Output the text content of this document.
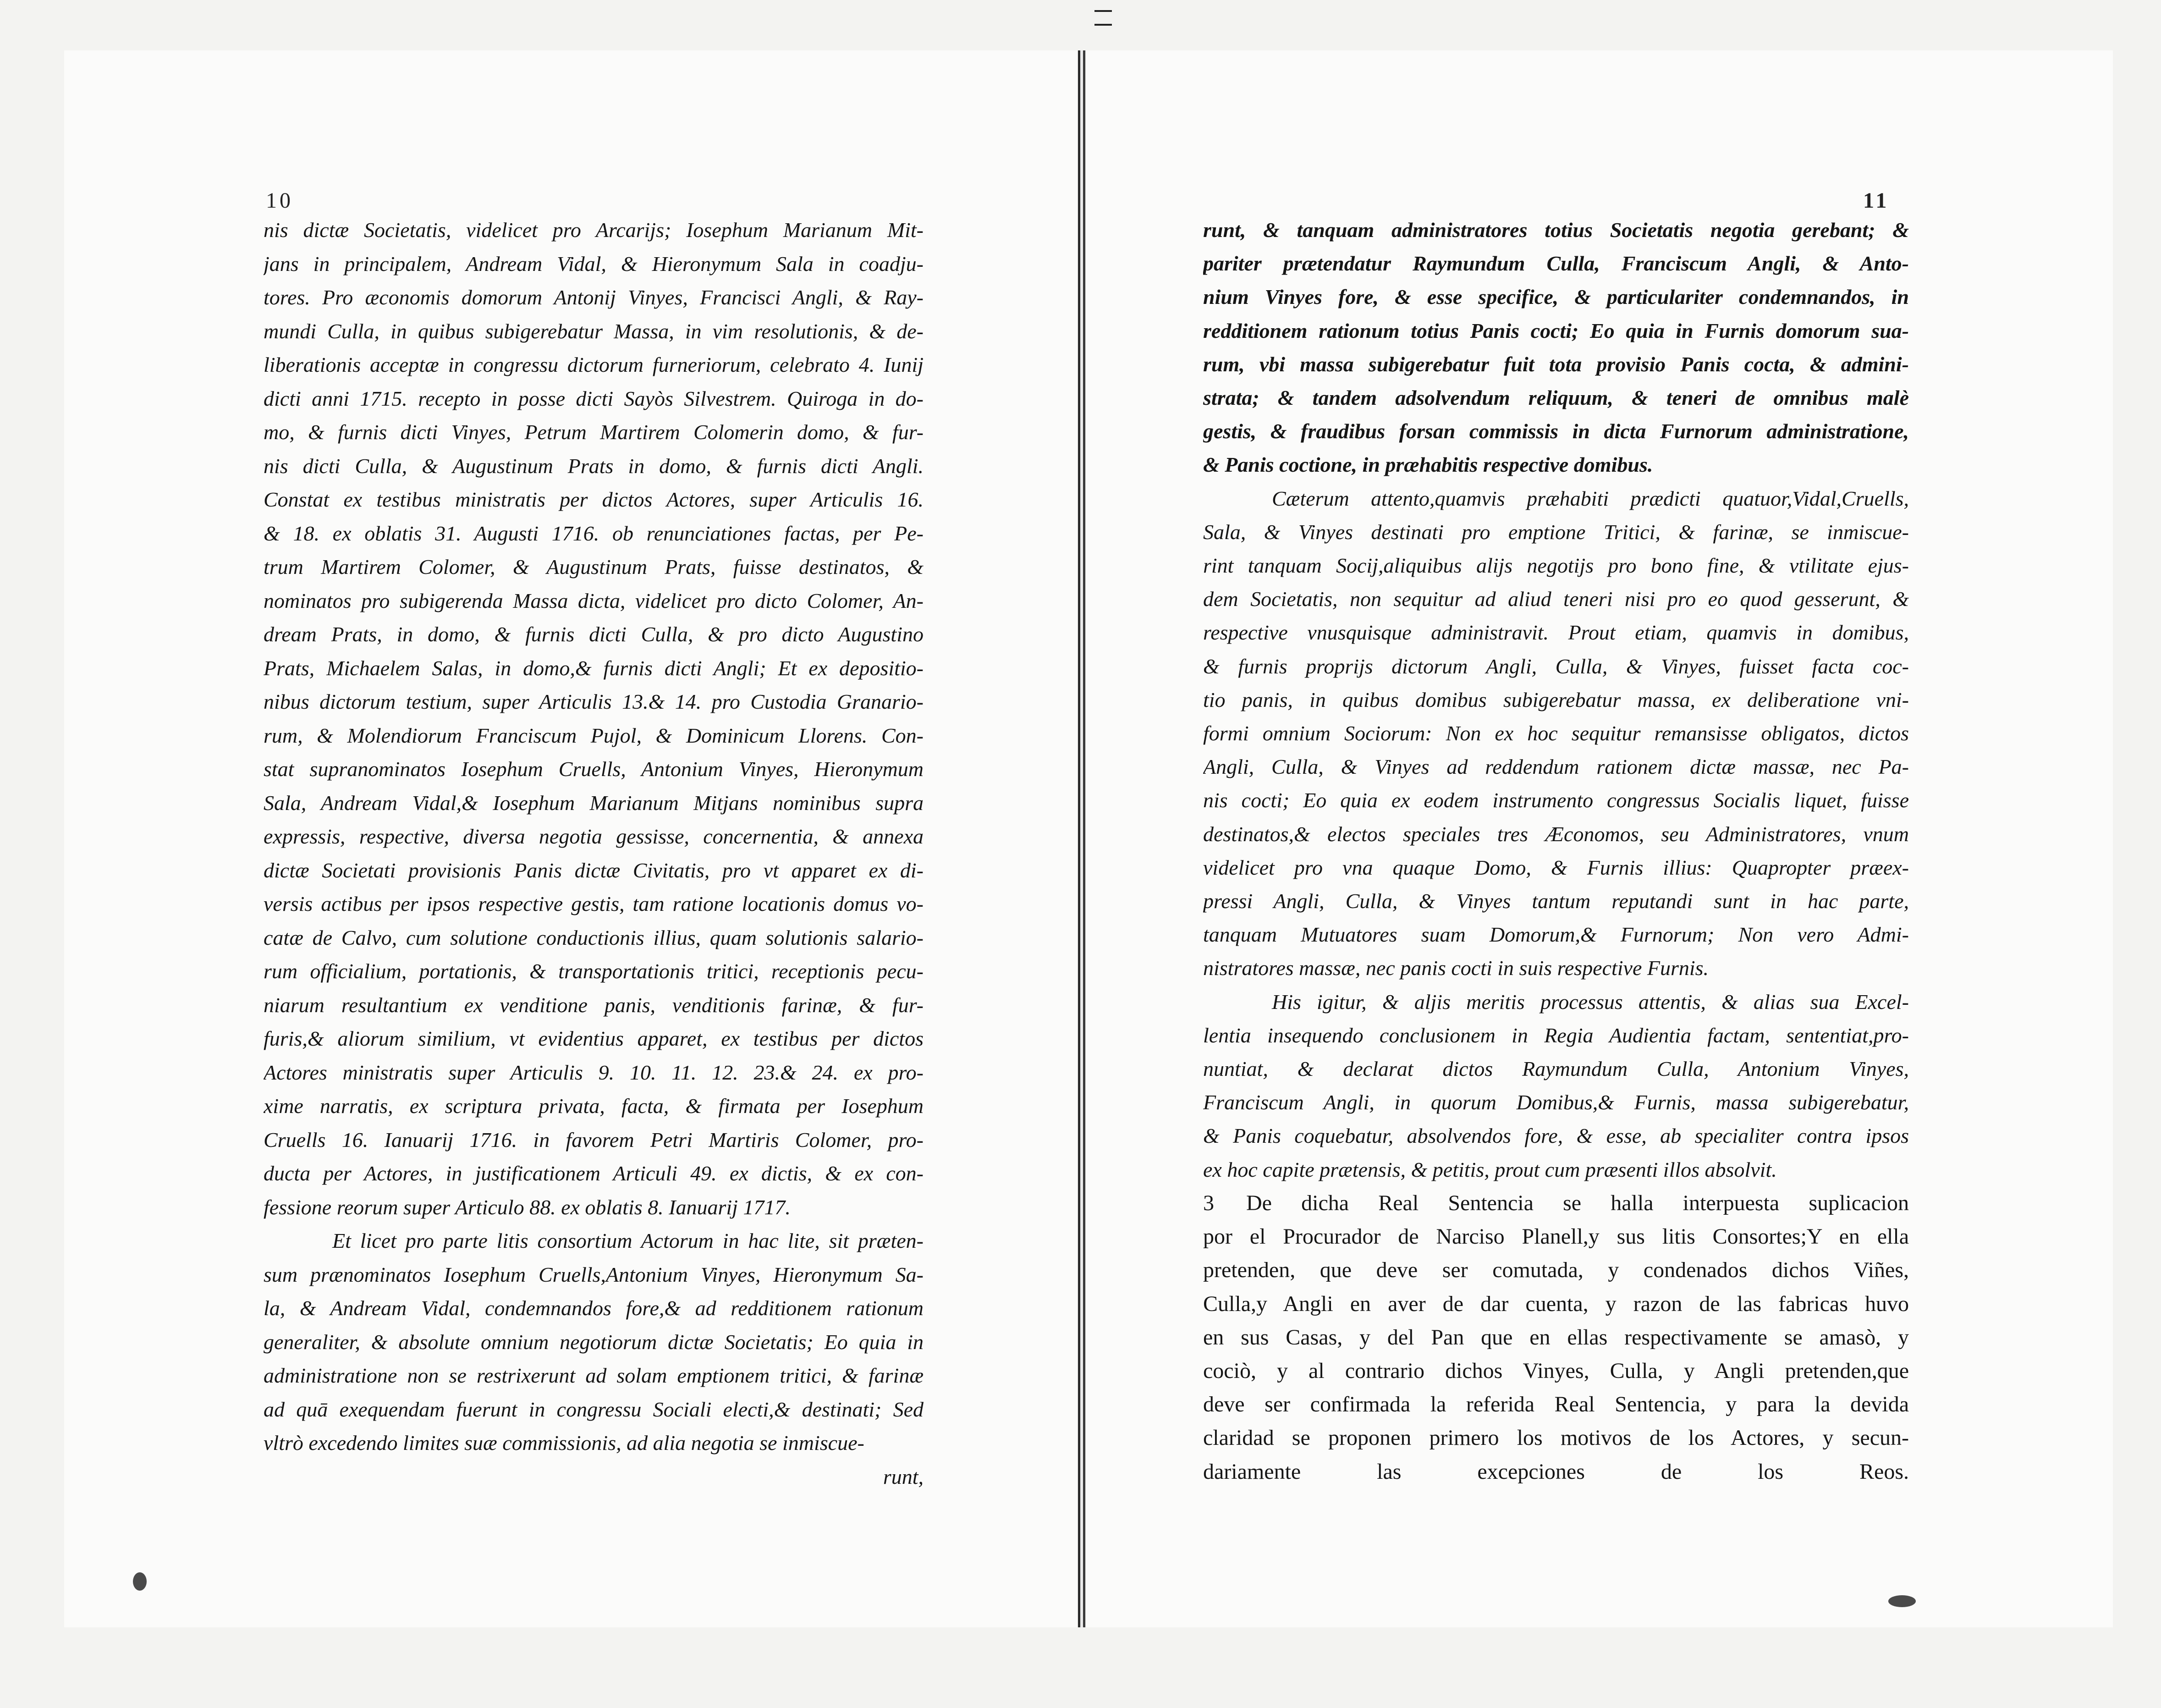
10	11
nis dictæ Societatis, videlicet pro Arcarijs; Iosephum Marianum Mit-
jans in principalem, Andream Vidal, & Hieronymum Sala in coadju-
tores. Pro æconomis domorum Antonij Vinyes, Francisci Angli, & Ray-
mundi Culla, in quibus subigerebatur Massa, in vim resolutionis, & de-
liberationis acceptæ in congressu dictorum furneriorum, celebrato 4. Iunij
dicti anni 1715. recepto in posse dicti Sayòs Silvestrem. Quiroga in do-
mo, & furnis dicti Vinyes, Petrum Martirem Colomerin domo, & fur-
nis dicti Culla, & Augustinum Prats in domo, & furnis dicti Angli.
Constat ex testibus ministratis per dictos Actores, super Articulis 16.
& 18. ex oblatis 31. Augusti 1716. ob renunciationes factas, per Pe-
trum Martirem Colomer, & Augustinum Prats, fuisse destinatos, &
nominatos pro subigerenda Massa dicta, videlicet pro dicto Colomer, An-
dream Prats, in domo, & furnis dicti Culla, & pro dicto Augustino
Prats, Michaelem Salas, in domo,& furnis dicti Angli; Et ex depositio-
nibus dictorum testium, super Articulis 13.& 14. pro Custodia Granario-
rum, & Molendiorum Franciscum Pujol, & Dominicum Llorens. Con-
stat supranominatos Iosephum Cruells, Antonium Vinyes, Hieronymum
Sala, Andream Vidal,& Iosephum Marianum Mitjans nominibus supra
expressis, respective, diversa negotia gessisse, concernentia, & annexa
dictæ Societati provisionis Panis dictæ Civitatis, pro vt apparet ex di-
versis actibus per ipsos respective gestis, tam ratione locationis domus vo-
catæ de Calvo, cum solutione conductionis illius, quam solutionis salario-
rum officialium, portationis, & transportationis tritici, receptionis pecu-
niarum resultantium ex venditione panis, venditionis farinæ, & fur-
furis,& aliorum similium, vt evidentius apparet, ex testibus per dictos
Actores ministratis super Articulis 9. 10. 11. 12. 23.& 24. ex pro-
xime narratis, ex scriptura privata, facta, & firmata per Iosephum
Cruells 16. Ianuarij 1716. in favorem Petri Martiris Colomer, pro-
ducta per Actores, in justificationem Articuli 49. ex dictis, & ex con-
fessione reorum super Articulo 88. ex oblatis 8. Ianuarij 1717.
Et licet pro parte litis consortium Actorum in hac lite, sit præten-
sum prænominatos Iosephum Cruells,Antonium Vinyes, Hieronymum Sa-
la, & Andream Vidal, condemnandos fore,& ad redditionem rationum
generaliter, & absolute omnium negotiorum dictæ Societatis; Eo quia in
administratione non se restrixerunt ad solam emptionem tritici, & farinæ
ad quā exequendam fuerunt in congressu Sociali electi,& destinati; Sed
vltrò excedendo limites suæ commissionis, ad alia negotia se inmiscue-
runt,
runt, & tanquam administratores totius Societatis negotia gerebant; &
pariter prætendatur Raymundum Culla, Franciscum Angli, & Anto-
nium Vinyes fore, & esse specifice, & particulariter condemnandos, in
redditionem rationum totius Panis cocti; Eo quia in Furnis domorum sua-
rum, vbi massa subigerebatur fuit tota provisio Panis cocta, & admini-
strata; & tandem adsolvendum reliquum, & teneri de omnibus malè
gestis, & fraudibus forsan commissis in dicta Furnorum administratione,
& Panis coctione, in præhabitis respective domibus.
Cæterum attento,quamvis præhabiti prædicti quatuor,Vidal,Cruells,
Sala, & Vinyes destinati pro emptione Tritici, & farinæ, se inmiscue-
rint tanquam Socij,aliquibus alijs negotijs pro bono fine, & vtilitate ejus-
dem Societatis, non sequitur ad aliud teneri nisi pro eo quod gesserunt, &
respective vnusquisque administravit. Prout etiam, quamvis in domibus,
& furnis proprijs dictorum Angli, Culla, & Vinyes, fuisset facta coc-
tio panis, in quibus domibus subigerebatur massa, ex deliberatione vni-
formi omnium Sociorum: Non ex hoc sequitur remansisse obligatos, dictos
Angli, Culla, & Vinyes ad reddendum rationem dictæ massæ, nec Pa-
nis cocti; Eo quia ex eodem instrumento congressus Socialis liquet, fuisse
destinatos,& electos speciales tres Æconomos, seu Administratores, vnum
videlicet pro vna quaque Domo, & Furnis illius: Quapropter præex-
pressi Angli, Culla, & Vinyes tantum reputandi sunt in hac parte,
tanquam Mutuatores suam Domorum,& Furnorum; Non vero Admi-
nistratores massæ, nec panis cocti in suis respective Furnis.
His igitur, & aljis meritis processus attentis, & alias sua Excel-
lentia insequendo conclusionem in Regia Audientia factam, sententiat,pro-
nuntiat, & declarat dictos Raymundum Culla, Antonium Vinyes,
Franciscum Angli, in quorum Domibus,& Furnis, massa subigerebatur,
& Panis coquebatur, absolvendos fore, & esse, ab specialiter contra ipsos
ex hoc capite prætensis, & petitis, prout cum præsenti illos absolvit.
3 De dicha Real Sentencia se halla interpuesta suplicacion
por el Procurador de Narciso Planell,y sus litis Consortes;Y en ella
pretenden, que deve ser comutada, y condenados dichos Viñes,
Culla,y Angli en aver de dar cuenta, y razon de las fabricas huvo
en sus Casas, y del Pan que en ellas respectivamente se amasò, y
cociò, y al contrario dichos Vinyes, Culla, y Angli pretenden,que
deve ser confirmada la referida Real Sentencia, y para la devida
claridad se proponen primero los motivos de los Actores, y secun-
dariamente las excepciones de los Reos.
